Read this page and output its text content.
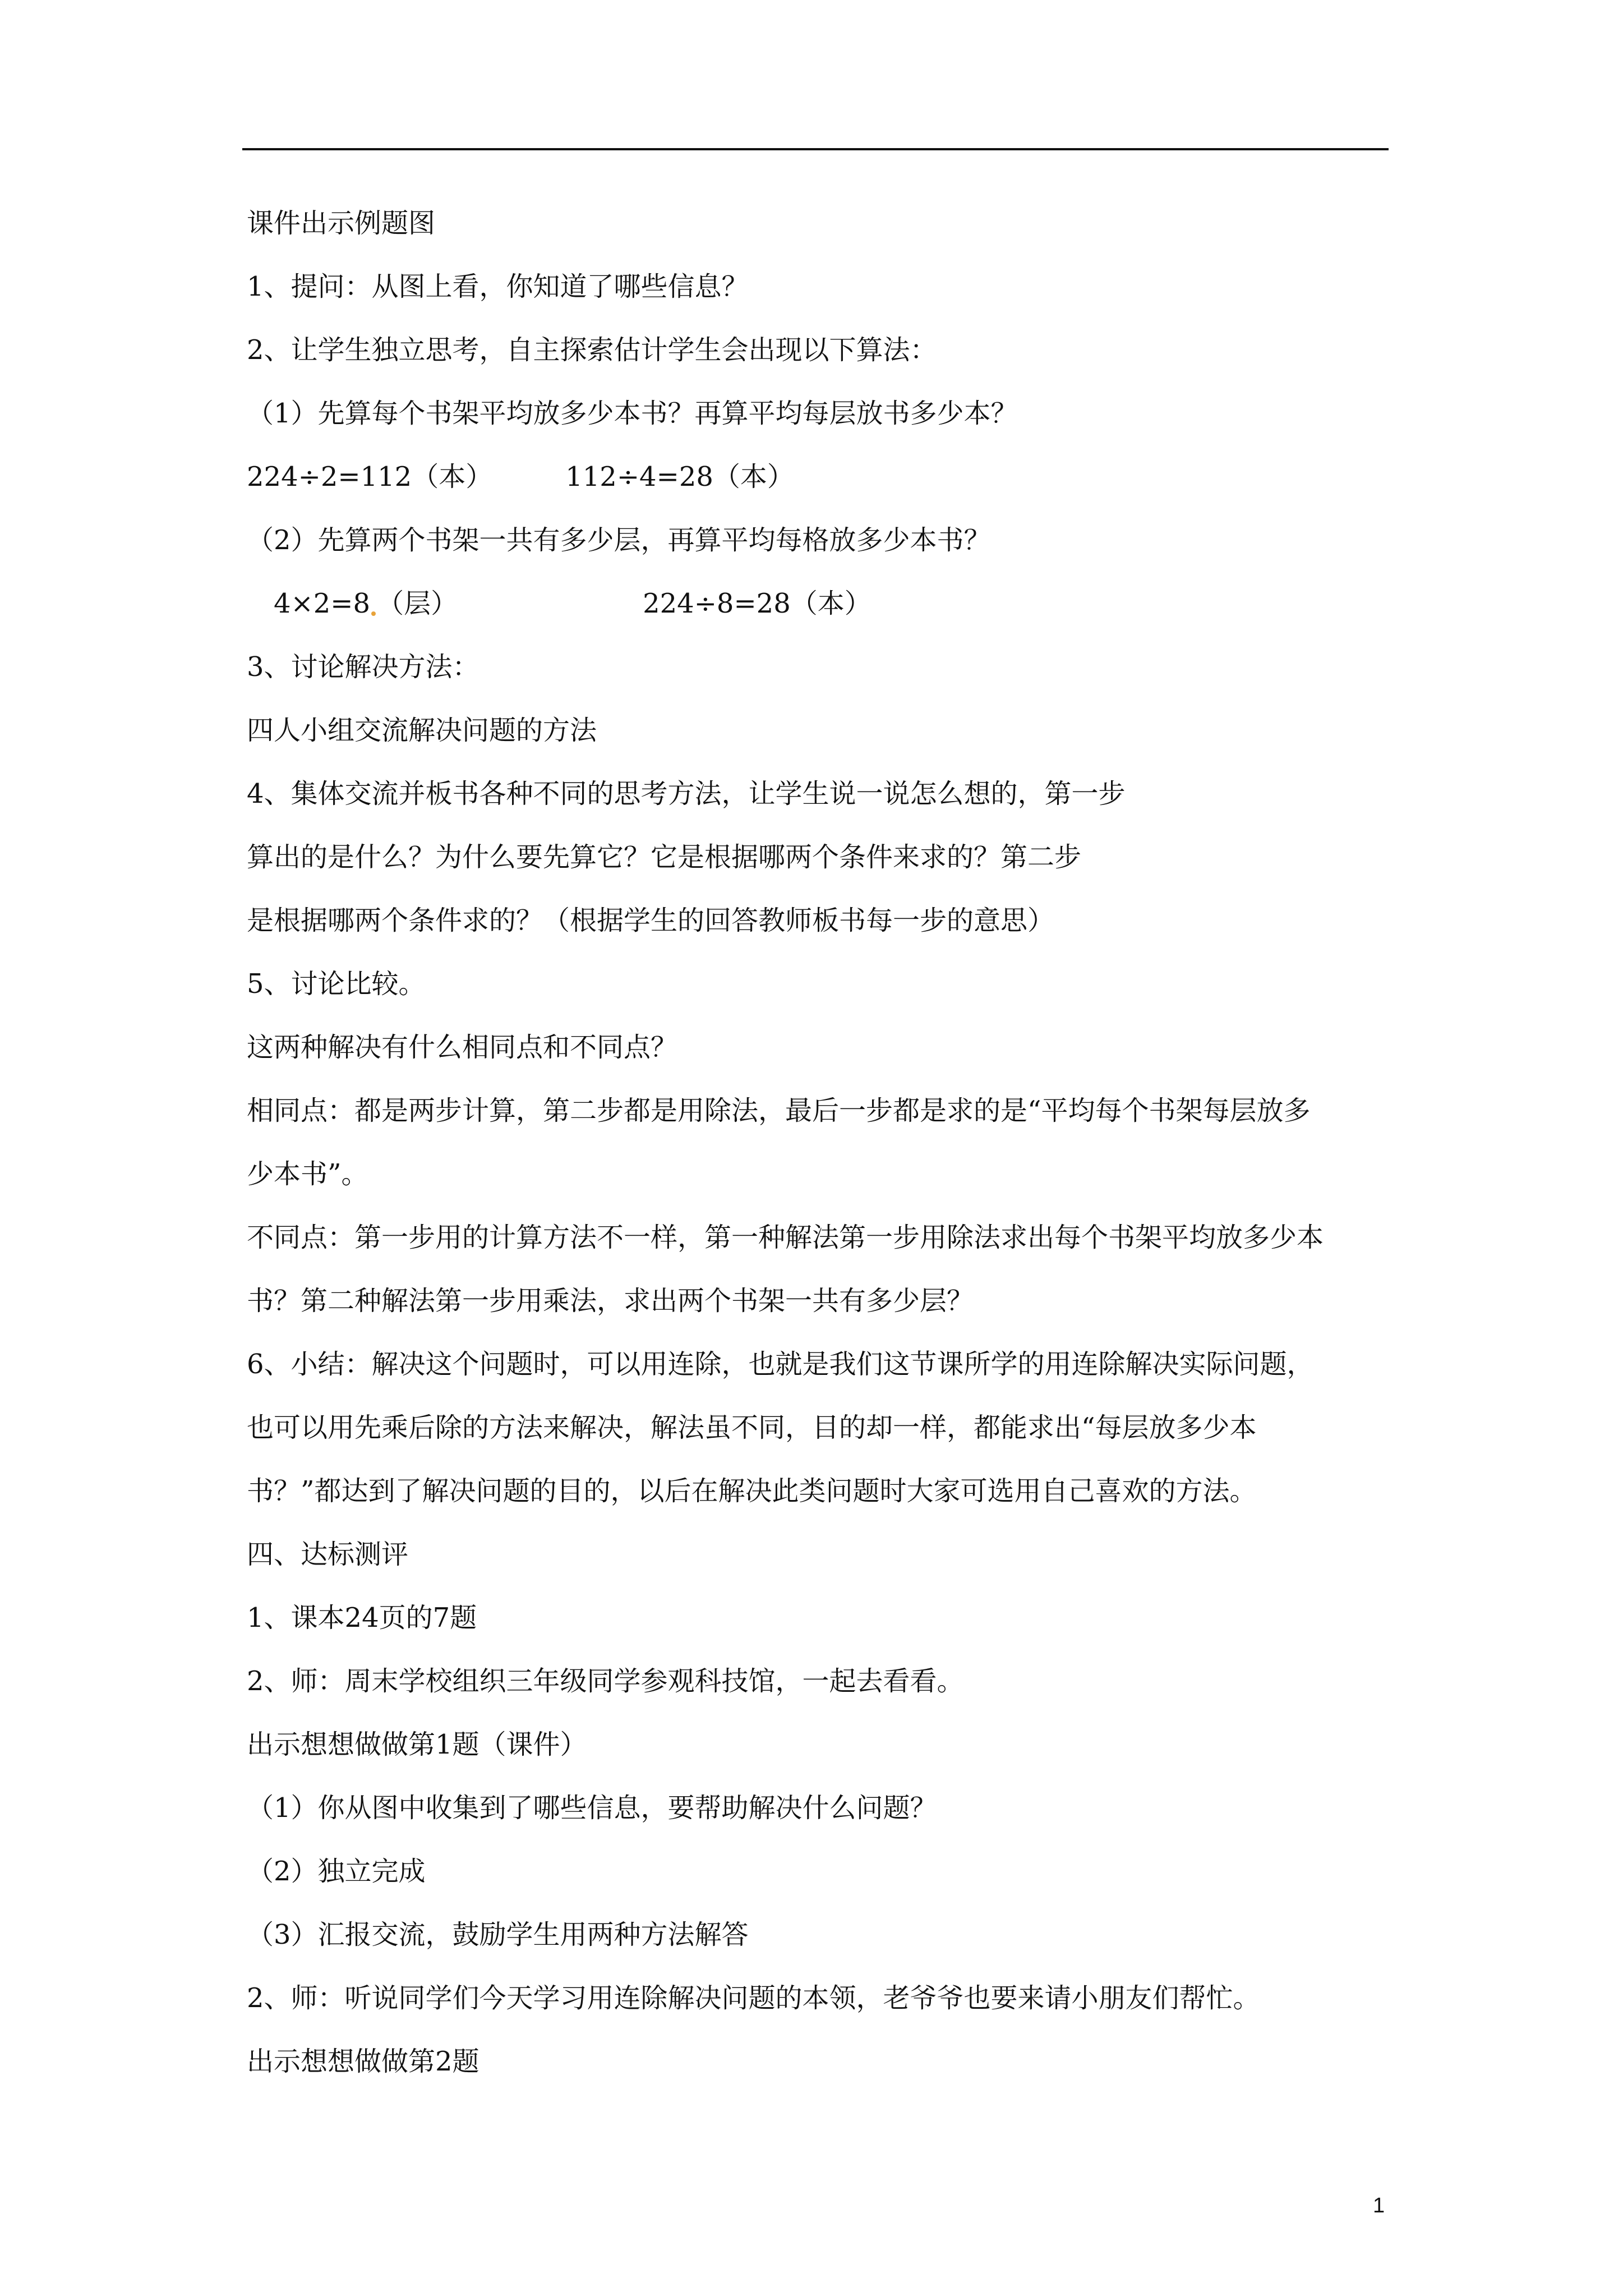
课件出示例题图
1、提问：从图上看，你知道了哪些信息？
2、让学生独立思考，自主探索估计学生会出现以下算法：
（1）先算每个书架平均放多少本书？再算平均每层放书多少本？
224÷2=112（本）	112÷4=28（本）
（2）先算两个书架一共有多少层，再算平均每格放多少本书？
4×2=8 （层）	224÷8=28（本）
3、讨论解决方法：
四人小组交流解决问题的方法
4、集体交流并板书各种不同的思考方法，让学生说一说怎么想的，第一步
算出的是什么？为什么要先算它？它是根据哪两个条件来求的？第二步
是根据哪两个条件求的？（根据学生的回答教师板书每一步的意思）
5、讨论比较。
这两种解决有什么相同点和不同点？
相同点：都是两步计算，第二步都是用除法，最后一步都是求的是“平均每个书架每层放多
少本书”。
不同点：第一步用的计算方法不一样，第一种解法第一步用除法求出每个书架平均放多少本
书？第二种解法第一步用乘法，求出两个书架一共有多少层？
6、小结：解决这个问题时，可以用连除，也就是我们这节课所学的用连除解决实际问题，
也可以用先乘后除的方法来解决，解法虽不同，目的却一样，都能求出“每层放多少本
书？”都达到了解决问题的目的，以后在解决此类问题时大家可选用自己喜欢的方法。
四、达标测评
1、课本24页的7题
2、师：周末学校组织三年级同学参观科技馆，一起去看看。
出示想想做做第1题（课件）
（1）你从图中收集到了哪些信息，要帮助解决什么问题？
（2）独立完成
（3）汇报交流，鼓励学生用两种方法解答
2、师：听说同学们今天学习用连除解决问题的本领，老爷爷也要来请小朋友们帮忙。
出示想想做做第2题
1
